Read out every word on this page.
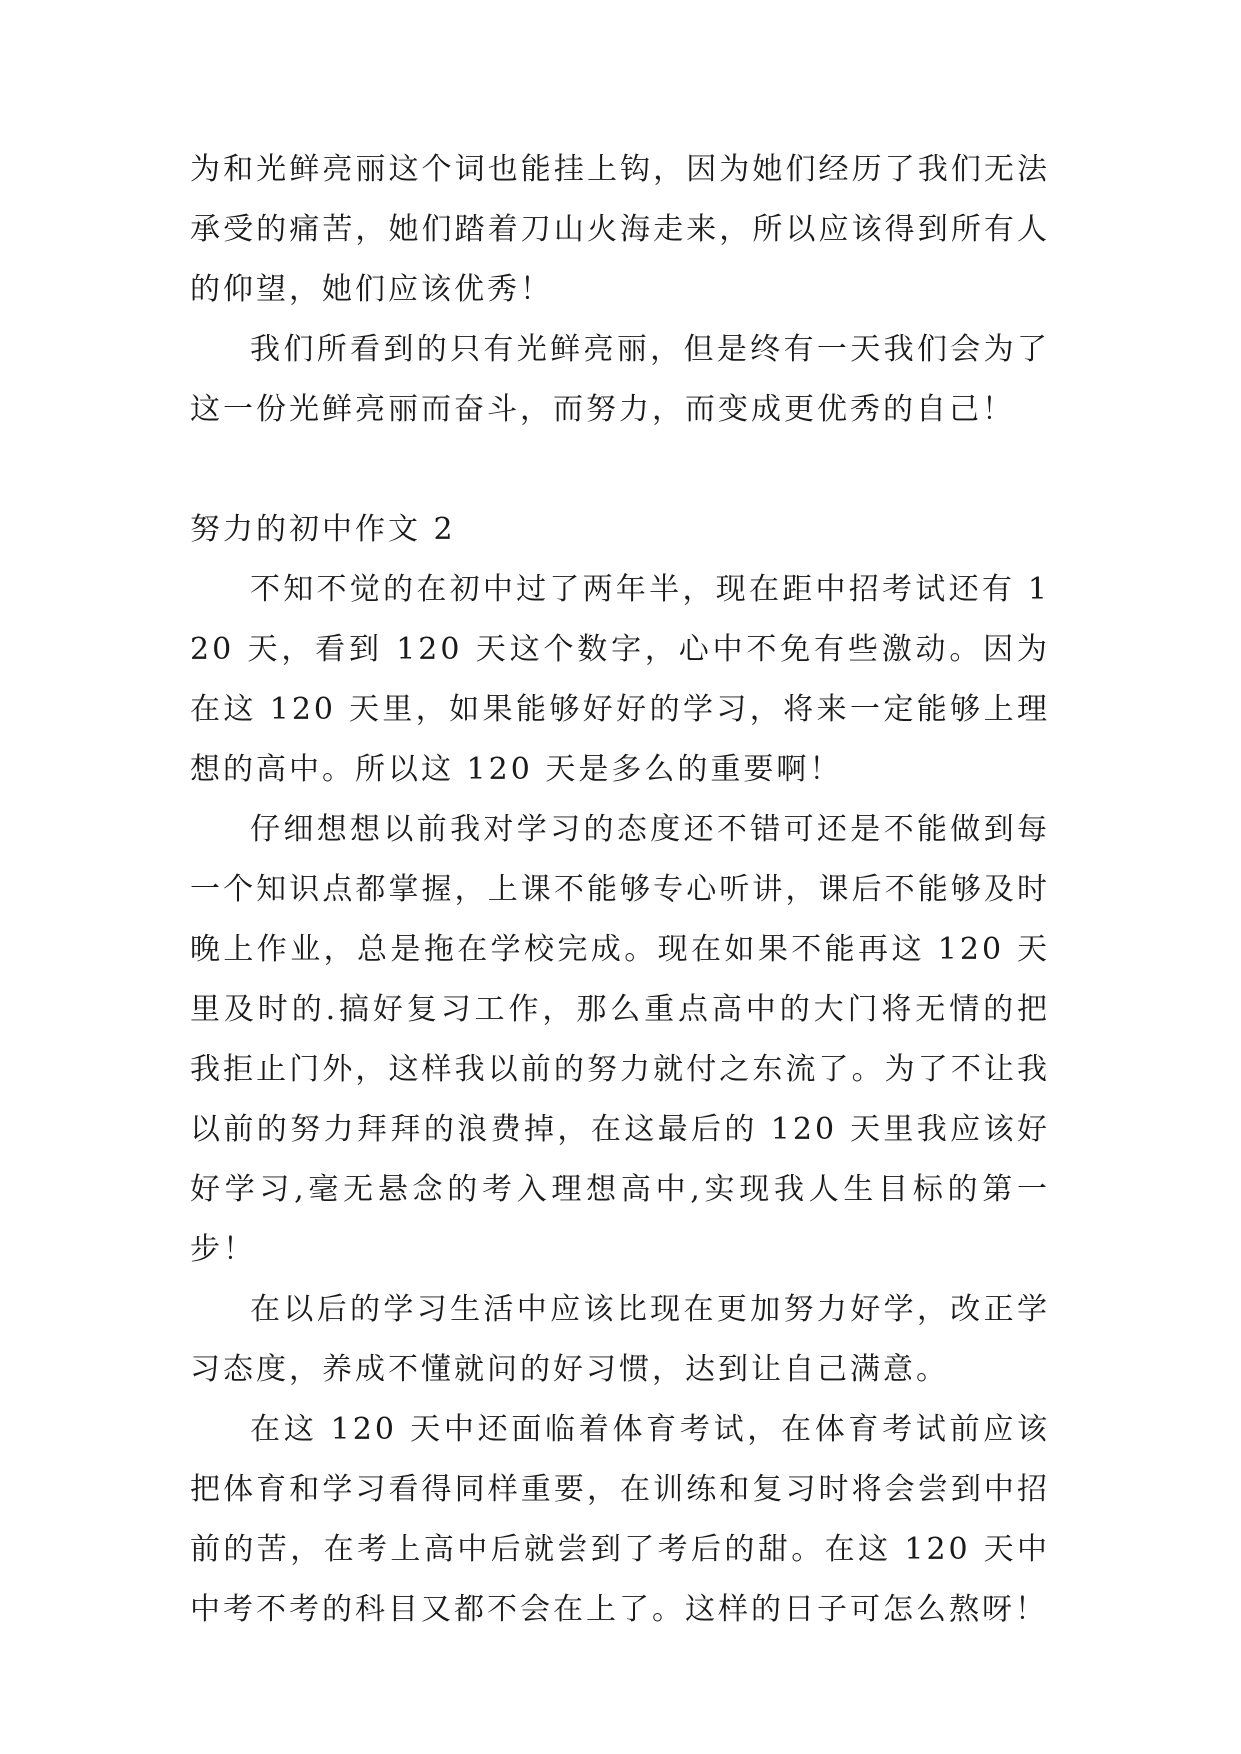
为和光鲜亮丽这个词也能挂上钩，因为她们经历了我们无法承受的痛苦，她们踏着刀山火海走来，所以应该得到所有人的仰望，她们应该优秀！

我们所看到的只有光鲜亮丽，但是终有一天我们会为了这一份光鲜亮丽而奋斗，而努力，而变成更优秀的自己！

努力的初中作文 2

不知不觉的在初中过了两年半，现在距中招考试还有 120 天，看到 120 天这个数字，心中不免有些激动。因为在这 120 天里，如果能够好好的学习，将来一定能够上理想的高中。所以这 120 天是多么的重要啊！

仔细想想以前我对学习的态度还不错可还是不能做到每一个知识点都掌握，上课不能够专心听讲，课后不能够及时晚上作业，总是拖在学校完成。现在如果不能再这 120 天里及时的.搞好复习工作，那么重点高中的大门将无情的把我拒止门外，这样我以前的努力就付之东流了。为了不让我以前的努力拜拜的浪费掉，在这最后的 120 天里我应该好好学习,毫无悬念的考入理想高中,实现我人生目标的第一步！

在以后的学习生活中应该比现在更加努力好学，改正学习态度，养成不懂就问的好习惯，达到让自己满意。

在这 120 天中还面临着体育考试，在体育考试前应该把体育和学习看得同样重要，在训练和复习时将会尝到中招前的苦，在考上高中后就尝到了考后的甜。在这 120 天中中考不考的科目又都不会在上了。这样的日子可怎么熬呀！
